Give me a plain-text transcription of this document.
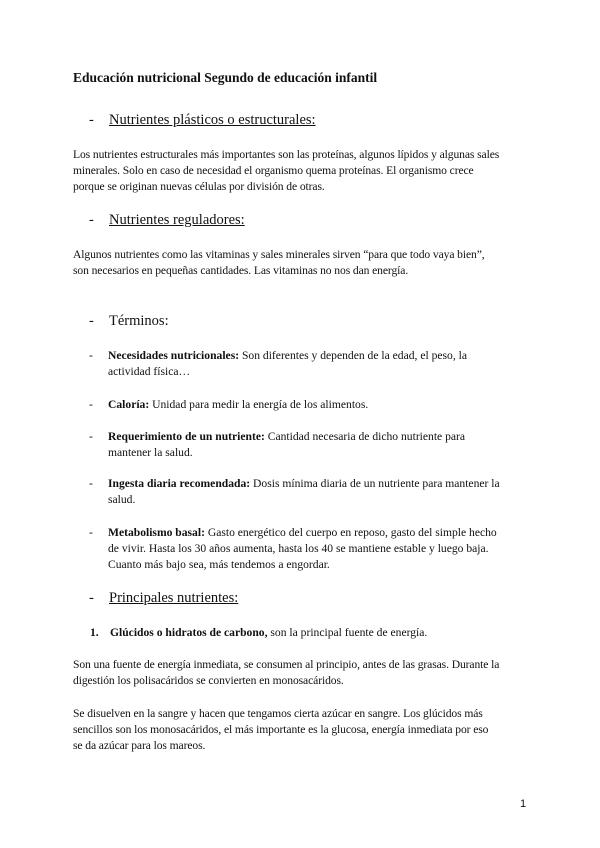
Educación nutricional Segundo de educación infantil
- Nutrientes plásticos o estructurales:
Los nutrientes estructurales más importantes son las proteínas, algunos lípidos y algunas sales
minerales. Solo en caso de necesidad el organismo quema proteínas. El organismo crece
porque se originan nuevas células por división de otras.
- Nutrientes reguladores:
Algunos nutrientes como las vitaminas y sales minerales sirven “para que todo vaya bien”,
son necesarios en pequeñas cantidades. Las vitaminas no nos dan energía.
- Términos:
- Necesidades nutricionales: Son diferentes y dependen de la edad, el peso, la
actividad física…
- Caloría: Unidad para medir la energía de los alimentos.
- Requerimiento de un nutriente: Cantidad necesaria de dicho nutriente para
mantener la salud.
- Ingesta diaria recomendada: Dosis mínima diaria de un nutriente para mantener la
salud.
- Metabolismo basal: Gasto energético del cuerpo en reposo, gasto del simple hecho
de vivir. Hasta los 30 años aumenta, hasta los 40 se mantiene estable y luego baja.
Cuanto más bajo sea, más tendemos a engordar.
- Principales nutrientes:
1. Glúcidos o hidratos de carbono, son la principal fuente de energía.
Son una fuente de energía inmediata, se consumen al principio, antes de las grasas. Durante la
digestión los polisacáridos se convierten en monosacáridos.
Se disuelven en la sangre y hacen que tengamos cierta azúcar en sangre. Los glúcidos más
sencillos son los monosacáridos, el más importante es la glucosa, energía inmediata por eso
se da azúcar para los mareos.
1
